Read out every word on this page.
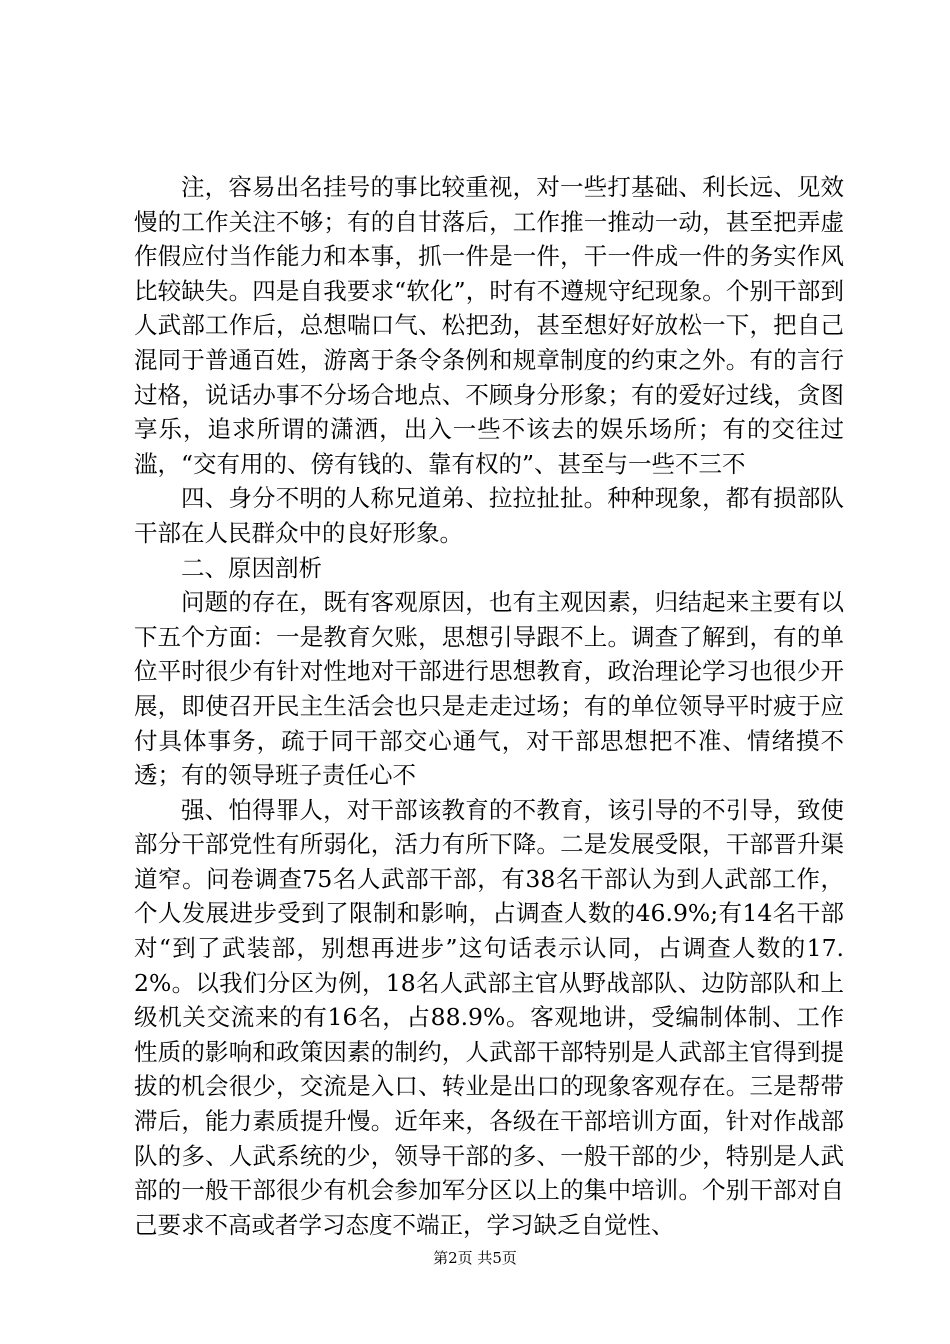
注，容易出名挂号的事比较重视，对一些打基础、利长远、见效慢的工作关注不够；有的自甘落后，工作推一推动一动，甚至把弄虚作假应付当作能力和本事，抓一件是一件，干一件成一件的务实作风比较缺失。四是自我要求“软化”，时有不遵规守纪现象。个别干部到人武部工作后，总想喘口气、松把劲，甚至想好好放松一下，把自己混同于普通百姓，游离于条令条例和规章制度的约束之外。有的言行过格，说话办事不分场合地点、不顾身分形象；有的爱好过线，贪图享乐，追求所谓的潇洒，出入一些不该去的娱乐场所；有的交往过滥，“交有用的、傍有钱的、靠有权的”、甚至与一些不三不

四、身分不明的人称兄道弟、拉拉扯扯。种种现象，都有损部队干部在人民群众中的良好形象。

二、原因剖析

问题的存在，既有客观原因，也有主观因素，归结起来主要有以下五个方面：一是教育欠账，思想引导跟不上。调查了解到，有的单位平时很少有针对性地对干部进行思想教育，政治理论学习也很少开展，即使召开民主生活会也只是走走过场；有的单位领导平时疲于应付具体事务，疏于同干部交心通气，对干部思想把不准、情绪摸不透；有的领导班子责任心不

强、怕得罪人，对干部该教育的不教育，该引导的不引导，致使部分干部党性有所弱化，活力有所下降。二是发展受限，干部晋升渠道窄。问卷调查75名人武部干部，有38名干部认为到人武部工作，个人发展进步受到了限制和影响，占调查人数的46.9%;有14名干部对“到了武装部，别想再进步”这句话表示认同，占调查人数的17.2%。以我们分区为例，18名人武部主官从野战部队、边防部队和上级机关交流来的有16名，占88.9%。客观地讲，受编制体制、工作性质的影响和政策因素的制约，人武部干部特别是人武部主官得到提拔的机会很少，交流是入口、转业是出口的现象客观存在。三是帮带滞后，能力素质提升慢。近年来，各级在干部培训方面，针对作战部队的多、人武系统的少，领导干部的多、一般干部的少，特别是人武部的一般干部很少有机会参加军分区以上的集中培训。个别干部对自己要求不高或者学习态度不端正，学习缺乏自觉性、

第2页 共5页
